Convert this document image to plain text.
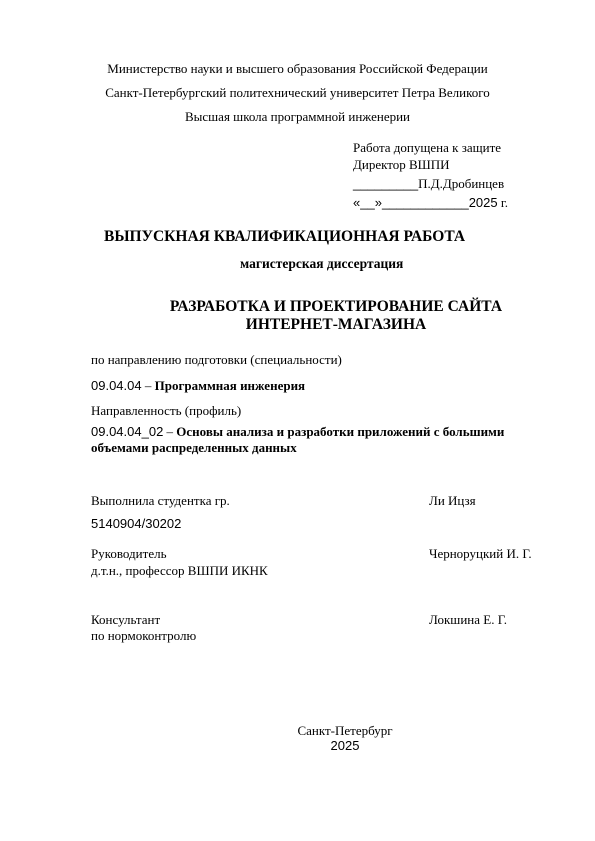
Министерство науки и высшего образования Российской Федерации
Санкт-Петербургский политехнический университет Петра Великого
Высшая школа программной инженерии
Работа допущена к защите
Директор ВШПИ
_________П.Д.Дробинцев
«__»____________2025 г.
ВЫПУСКНАЯ КВАЛИФИКАЦИОННАЯ РАБОТА
магистерская диссертация
РАЗРАБОТКА И ПРОЕКТИРОВАНИЕ САЙТА
ИНТЕРНЕТ-МАГАЗИНА
по направлению подготовки (специальности)
09.04.04 – Программная инженерия
Направленность (профиль)
09.04.04_02 – Основы анализа и разработки приложений с большими
объемами распределенных данных
Выполнила студентка гр.
5140904/30202
Ли Ицзя
Руководитель
д.т.н., профессор ВШПИ ИКНК
Черноруцкий И. Г.
Консультант
по нормоконтролю
Локшина Е. Г.
Санкт-Петербург
2025
